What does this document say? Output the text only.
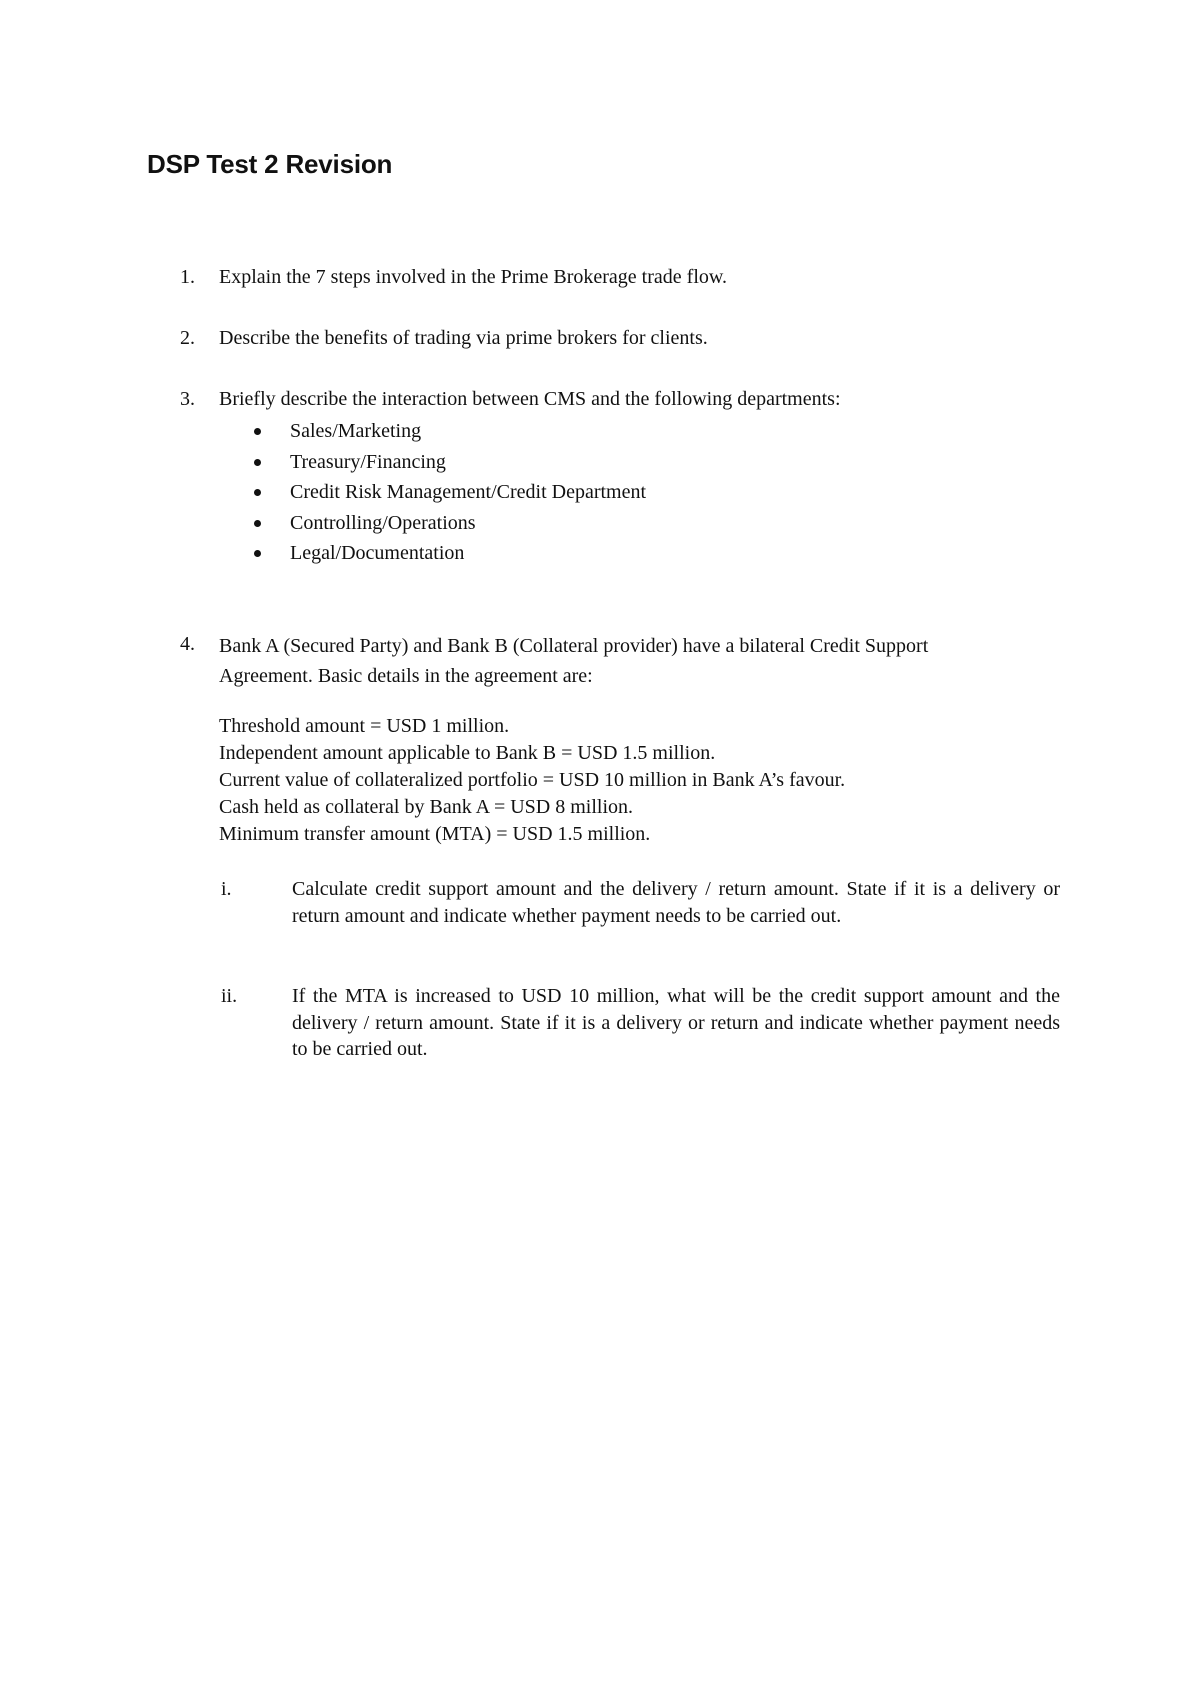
DSP Test 2 Revision
1.	Explain the 7 steps involved in the Prime Brokerage trade flow.
2.	Describe the benefits of trading via prime brokers for clients.
3.	Briefly describe the interaction between CMS and the following departments:
Sales/Marketing
Treasury/Financing
Credit Risk Management/Credit Department
Controlling/Operations
Legal/Documentation
4.	Bank A (Secured Party) and Bank B (Collateral provider) have a bilateral Credit Support Agreement. Basic details in the agreement are:
Threshold amount = USD 1 million.
Independent amount applicable to Bank B = USD 1.5 million.
Current value of collateralized portfolio = USD 10 million in Bank A’s favour.
Cash held as collateral by Bank A = USD 8 million.
Minimum transfer amount (MTA) = USD 1.5 million.
i.	Calculate credit support amount and the delivery / return amount. State if it is a delivery or return amount and indicate whether payment needs to be carried out.
ii.	If the MTA is increased to USD 10 million, what will be the credit support amount and the delivery / return amount. State if it is a delivery or return and indicate whether payment needs to be carried out.
